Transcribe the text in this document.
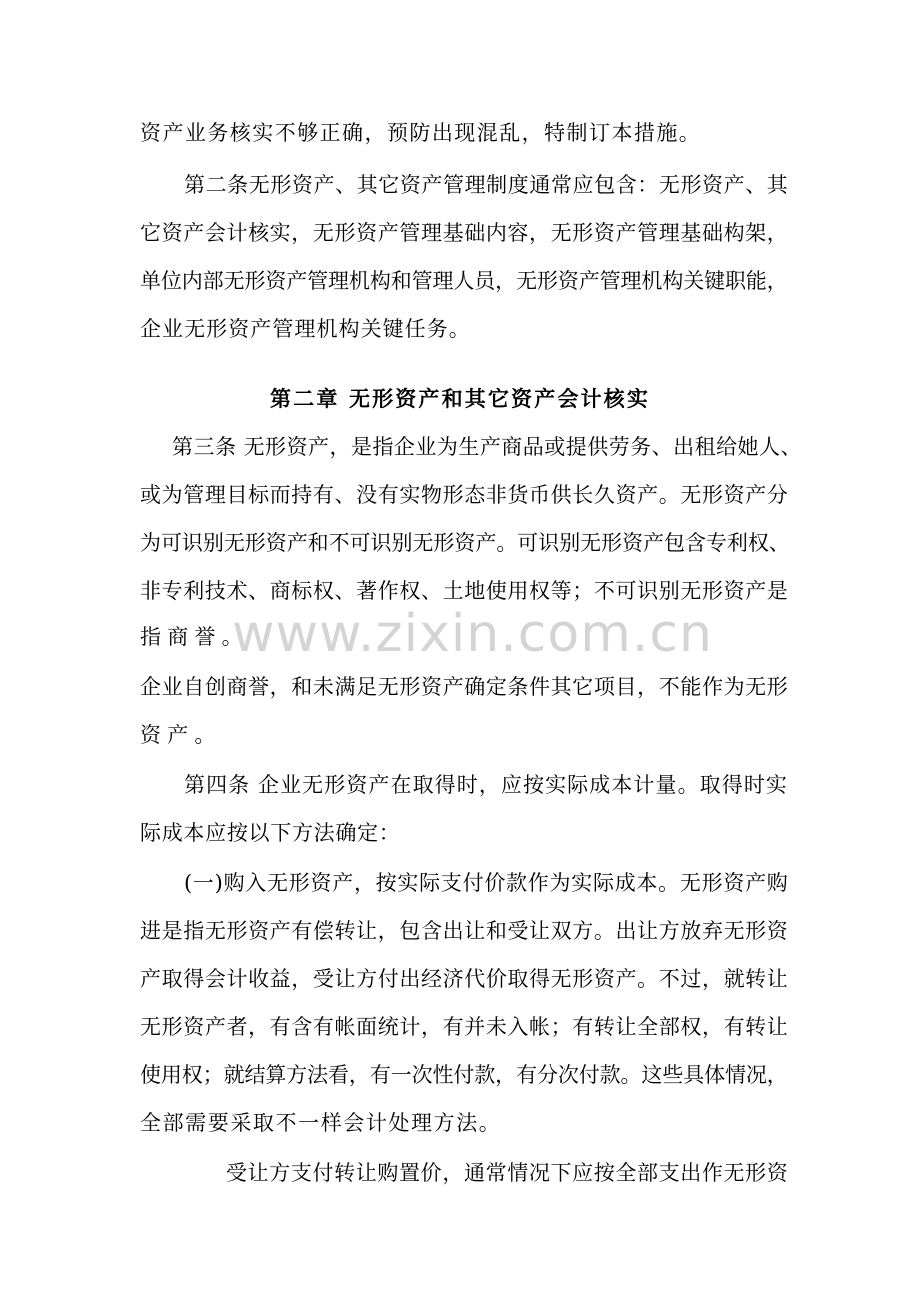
资产业务核实不够正确，预防出现混乱，特制订本措施。
第二条无形资产、其它资产管理制度通常应包含：无形资产、其
它资产会计核实，无形资产管理基础内容，无形资产管理基础构架，
单位内部无形资产管理机构和管理人员，无形资产管理机构关键职能，
企业无形资产管理机构关键任务。
第二章 无形资产和其它资产会计核实
第三条 无形资产，是指企业为生产商品或提供劳务、出租给她人、
或为管理目标而持有、没有实物形态非货币供长久资产。无形资产分
为可识别无形资产和不可识别无形资产。可识别无形资产包含专利权、
非专利技术、商标权、著作权、土地使用权等；不可识别无形资产是
指商誉。
www.zixin.com.cn
企业自创商誉，和未满足无形资产确定条件其它项目，不能作为无形
资产。
第四条 企业无形资产在取得时，应按实际成本计量。取得时实
际成本应按以下方法确定：
(一)购入无形资产，按实际支付价款作为实际成本。无形资产购
进是指无形资产有偿转让，包含出让和受让双方。出让方放弃无形资
产取得会计收益，受让方付出经济代价取得无形资产。不过，就转让
无形资产者，有含有帐面统计，有并未入帐；有转让全部权，有转让
使用权；就结算方法看，有一次性付款，有分次付款。这些具体情况，
全部需要采取不一样会计处理方法。
受让方支付转让购置价，通常情况下应按全部支出作无形资
